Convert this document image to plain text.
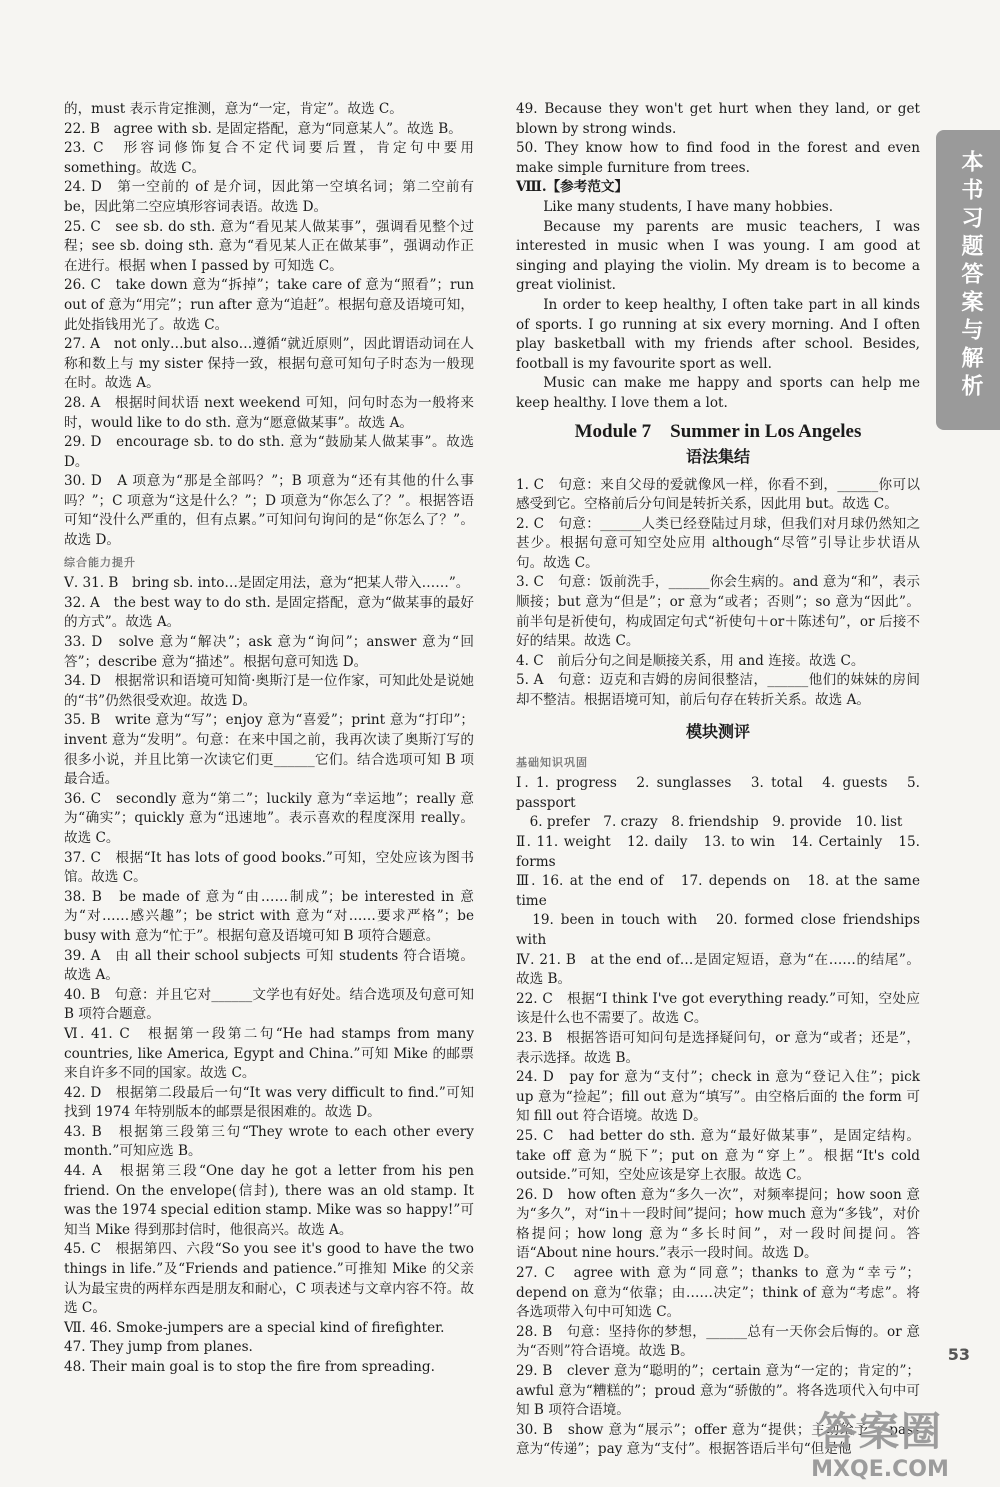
的，must 表示肯定推测，意为“一定，肯定”。故选 C。

22. B　agree with sb. 是固定搭配，意为“同意某人”。故选 B。

23. C　形容词修饰复合不定代词要后置，肯定句中要用 something。故选 C。

24. D　第一空前的 of 是介词，因此第一空填名词；第二空前有 be，因此第二空应填形容词表语。故选 D。

25. C　see sb. do sth. 意为“看见某人做某事”，强调看见整个过程；see sb. doing sth. 意为“看见某人正在做某事”，强调动作正在进行。根据 when I passed by 可知选 C。

26. C　take down 意为“拆掉”；take care of 意为“照看”；run out of 意为“用完”；run after 意为“追赶”。根据句意及语境可知，此处指钱用光了。故选 C。

27. A　not only…but also…遵循“就近原则”，因此谓语动词在人称和数上与 my sister 保持一致，根据句意可知句子时态为一般现在时。故选 A。

28. A　根据时间状语 next weekend 可知，问句时态为一般将来时，would like to do sth. 意为“愿意做某事”。故选 A。

29. D　encourage sb. to do sth. 意为“鼓励某人做某事”。故选 D。

30. D　A 项意为“那是全部吗？”；B 项意为“还有其他的什么事吗？”；C 项意为“这是什么？”；D 项意为“你怎么了？”。根据答语可知“没什么严重的，但有点累。”可知问句询问的是“你怎么了？”。故选 D。

综合能力提升

Ⅴ. 31. B　bring sb. into…是固定用法，意为“把某人带入……”。

32. A　the best way to do sth. 是固定搭配，意为“做某事的最好的方式”。故选 A。

33. D　solve 意为“解决”；ask 意为“询问”；answer 意为“回答”；describe 意为“描述”。根据句意可知选 D。

34. D　根据常识和语境可知简·奥斯汀是一位作家，可知此处是说她的“书”仍然很受欢迎。故选 D。

35. B　write 意为“写”；enjoy 意为“喜爱”；print 意为“打印”；invent 意为“发明”。句意：在来中国之前，我再次读了奥斯汀写的很多小说，并且比第一次读它们更______它们。结合选项可知 B 项最合适。

36. C　secondly 意为“第二”；luckily 意为“幸运地”；really 意为“确实”；quickly 意为“迅速地”。表示喜欢的程度深用 really。故选 C。

37. C　根据“It has lots of good books.”可知，空处应该为图书馆。故选 C。

38. B　be made of 意为“由……制成”；be interested in 意为“对……感兴趣”；be strict with 意为“对……要求严格”；be busy with 意为“忙于”。根据句意及语境可知 B 项符合题意。

39. A　由 all their school subjects 可知 students 符合语境。故选 A。

40. B　句意：并且它对______文学也有好处。结合选项及句意可知 B 项符合题意。

Ⅵ. 41. C　根据第一段第二句“He had stamps from many countries, like America, Egypt and China.”可知 Mike 的邮票来自许多不同的国家。故选 C。

42. D　根据第二段最后一句“It was very difficult to find.”可知找到 1974 年特别版本的邮票是很困难的。故选 D。

43. B　根据第三段第三句“They wrote to each other every month.”可知应选 B。

44. A　根据第三段“One day he got a letter from his pen friend. On the envelope(信封), there was an old stamp. It was the 1974 special edition stamp. Mike was so happy!”可知当 Mike 得到那封信时，他很高兴。故选 A。

45. C　根据第四、六段“So you see it's good to have the two things in life.”及“Friends and patience.”可推知 Mike 的父亲认为最宝贵的两样东西是朋友和耐心，C 项表述与文章内容不符。故选 C。

Ⅶ. 46. Smoke-jumpers are a special kind of firefighter.

47. They jump from planes.

48. Their main goal is to stop the fire from spreading.

49. Because they won't get hurt when they land, or get blown by strong winds.

50. They know how to find food in the forest and even make simple furniture from trees.

Ⅷ.【参考范文】

Like many students, I have many hobbies.

Because my parents are music teachers, I was interested in music when I was young. I am good at singing and playing the violin. My dream is to become a great violinist.

In order to keep healthy, I often take part in all kinds of sports. I go running at six every morning. And I often play basketball with my friends after school. Besides, football is my favourite sport as well.

Music can make me happy and sports can help me keep healthy. I love them a lot.

Module 7　Summer in Los Angeles
语法集结

1. C　句意：来自父母的爱就像风一样，你看不到，______你可以感受到它。空格前后分句间是转折关系，因此用 but。故选 C。

2. C　句意：______人类已经登陆过月球，但我们对月球仍然知之甚少。根据句意可知空处应用 although“尽管”引导让步状语从句。故选 C。

3. C　句意：饭前洗手，______你会生病的。and 意为“和”，表示顺接；but 意为“但是”；or 意为“或者；否则”；so 意为“因此”。前半句是祈使句，构成固定句式“祈使句＋or＋陈述句”，or 后接不好的结果。故选 C。

4. C　前后分句之间是顺接关系，用 and 连接。故选 C。

5. A　句意：迈克和吉姆的房间很整洁，______他们的妹妹的房间却不整洁。根据语境可知，前后句存在转折关系。故选 A。

模块测评

基础知识巩固

Ⅰ. 1. progress　2. sunglasses　3. total　4. guests　5. passport

　6. prefer　7. crazy　8. friendship　9. provide　10. list

Ⅱ. 11. weight　12. daily　13. to win　14. Certainly　15. forms

Ⅲ. 16. at the end of　17. depends on　18. at the same time

　19. been in touch with　20. formed close friendships with

Ⅳ. 21. B　at the end of…是固定短语，意为“在……的结尾”。故选 B。

22. C　根据“I think I've got everything ready.”可知，空处应该是什么也不需要了。故选 C。

23. B　根据答语可知问句是选择疑问句，or 意为“或者；还是”，表示选择。故选 B。

24. D　pay for 意为“支付”；check in 意为“登记入住”；pick up 意为“捡起”；fill out 意为“填写”。由空格后面的 the form 可知 fill out 符合语境。故选 D。

25. C　had better do sth. 意为“最好做某事”，是固定结构。take off 意为“脱下”；put on 意为“穿上”。根据“It's cold outside.”可知，空处应该是穿上衣服。故选 C。

26. D　how often 意为“多久一次”，对频率提问；how soon 意为“多久”，对“in＋一段时间”提问；how much 意为“多钱”，对价格提问；how long 意为“多长时间”，对一段时间提问。答语“About nine hours.”表示一段时间。故选 D。

27. C　agree with 意为“同意”；thanks to 意为“幸亏”；depend on 意为“依靠；由……决定”；think of 意为“考虑”。将各选项带入句中可知选 C。

28. B　句意：坚持你的梦想，______总有一天你会后悔的。or 意为“否则”符合语境。故选 B。

29. B　clever 意为“聪明的”；certain 意为“一定的；肯定的”；awful 意为“糟糕的”；proud 意为“骄傲的”。将各选项代入句中可知 B 项符合语境。

30. B　show 意为“展示”；offer 意为“提供；主动给予”；pass 意为“传递”；pay 意为“支付”。根据答语后半句“但是他

本书习题答案与解析
53
答案圈
MXQE.COM
